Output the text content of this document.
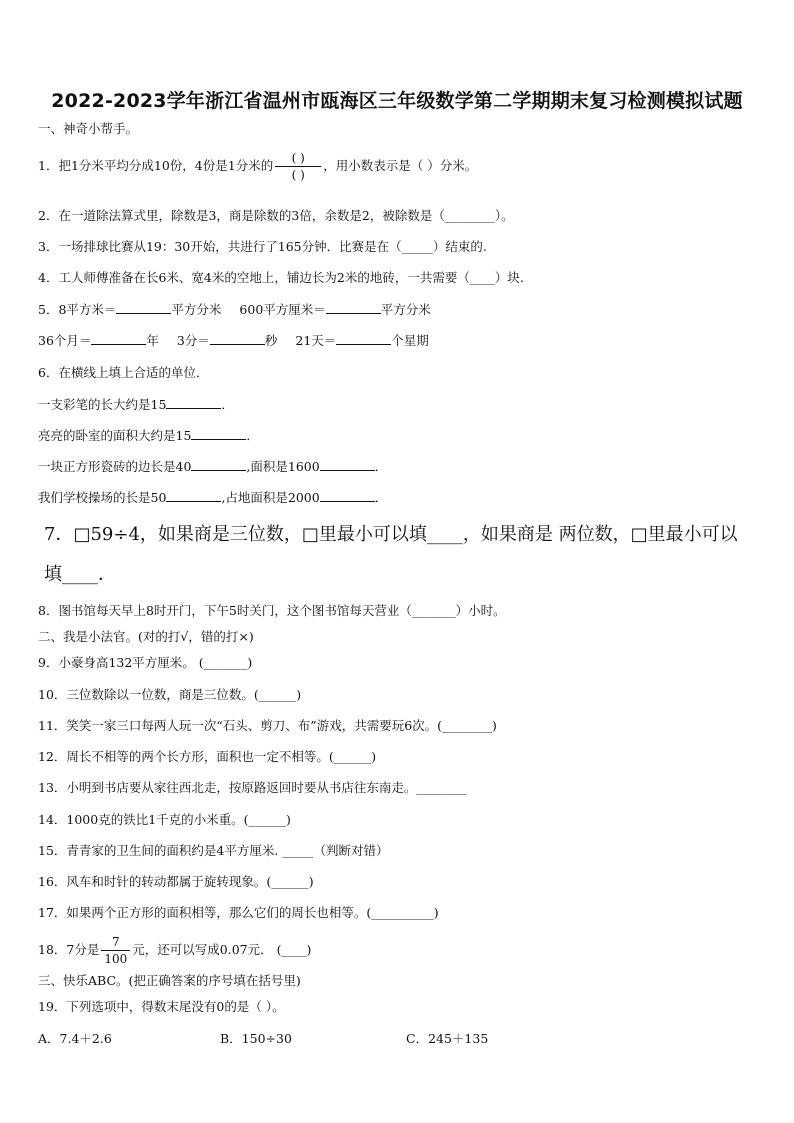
2022-2023学年浙江省温州市瓯海区三年级数学第二学期期末复习检测模拟试题
一、神奇小帮手。
1．把1分米平均分成10份，4份是1分米的 $\frac{( )}{( )}$ ，用小数表示是（ ）分米。
2．在一道除法算式里，除数是3，商是除数的3倍，余数是2，被除数是（________）。
3．一场排球比赛从19：30开始，共进行了165分钟．比赛是在（_____）结束的.
4．工人师傅准备在长6米、宽4米的空地上，铺边长为2米的地砖，一共需要（____）块.
5．8平方米＝	平方分米 600平方厘米＝	平方分米
36个月＝	年 3分＝	秒 21天＝	个星期
6．在横线上填上合适的单位．
一支彩笔的长大约是15	．
亮亮的卧室的面积大约是15	．
一块正方形瓷砖的边长是40	,面积是1600	．
我们学校操场的长是50	,占地面积是2000	．
7．□59÷4，如果商是三位数，□里最小可以填____，如果商是 两位数，□里最小可以
填____．
8．图书馆每天早上8时开门，下午5时关门，这个图书馆每天营业（_______）小时。
二、我是小法官。(对的打√，错的打×)
9．小豪身高132平方厘米。 (_______)
10．三位数除以一位数，商是三位数。(______)
11．笑笑一家三口每两人玩一次“石头、剪刀、布”游戏，共需要玩6次。(________)
12．周长不相等的两个长方形，面积也一定不相等。(______)
13．小明到书店要从家往西北走，按原路返回时要从书店往东南走。________
14．1000克的铁比1千克的小米重。(______)
15．青青家的卫生间的面积约是4平方厘米. _____（判断对错）
16．风车和时针的转动都属于旋转现象。(______)
17．如果两个正方形的面积相等，那么它们的周长也相等。(__________)
18．7分是 $\frac{7}{100}$ 元，还可以写成0.07元． (____)
三、快乐ABC。(把正确答案的序号填在括号里)
19．下列选项中，得数末尾没有0的是（ ）。
A．7.4＋2.6	B．150÷30	C．245＋135
